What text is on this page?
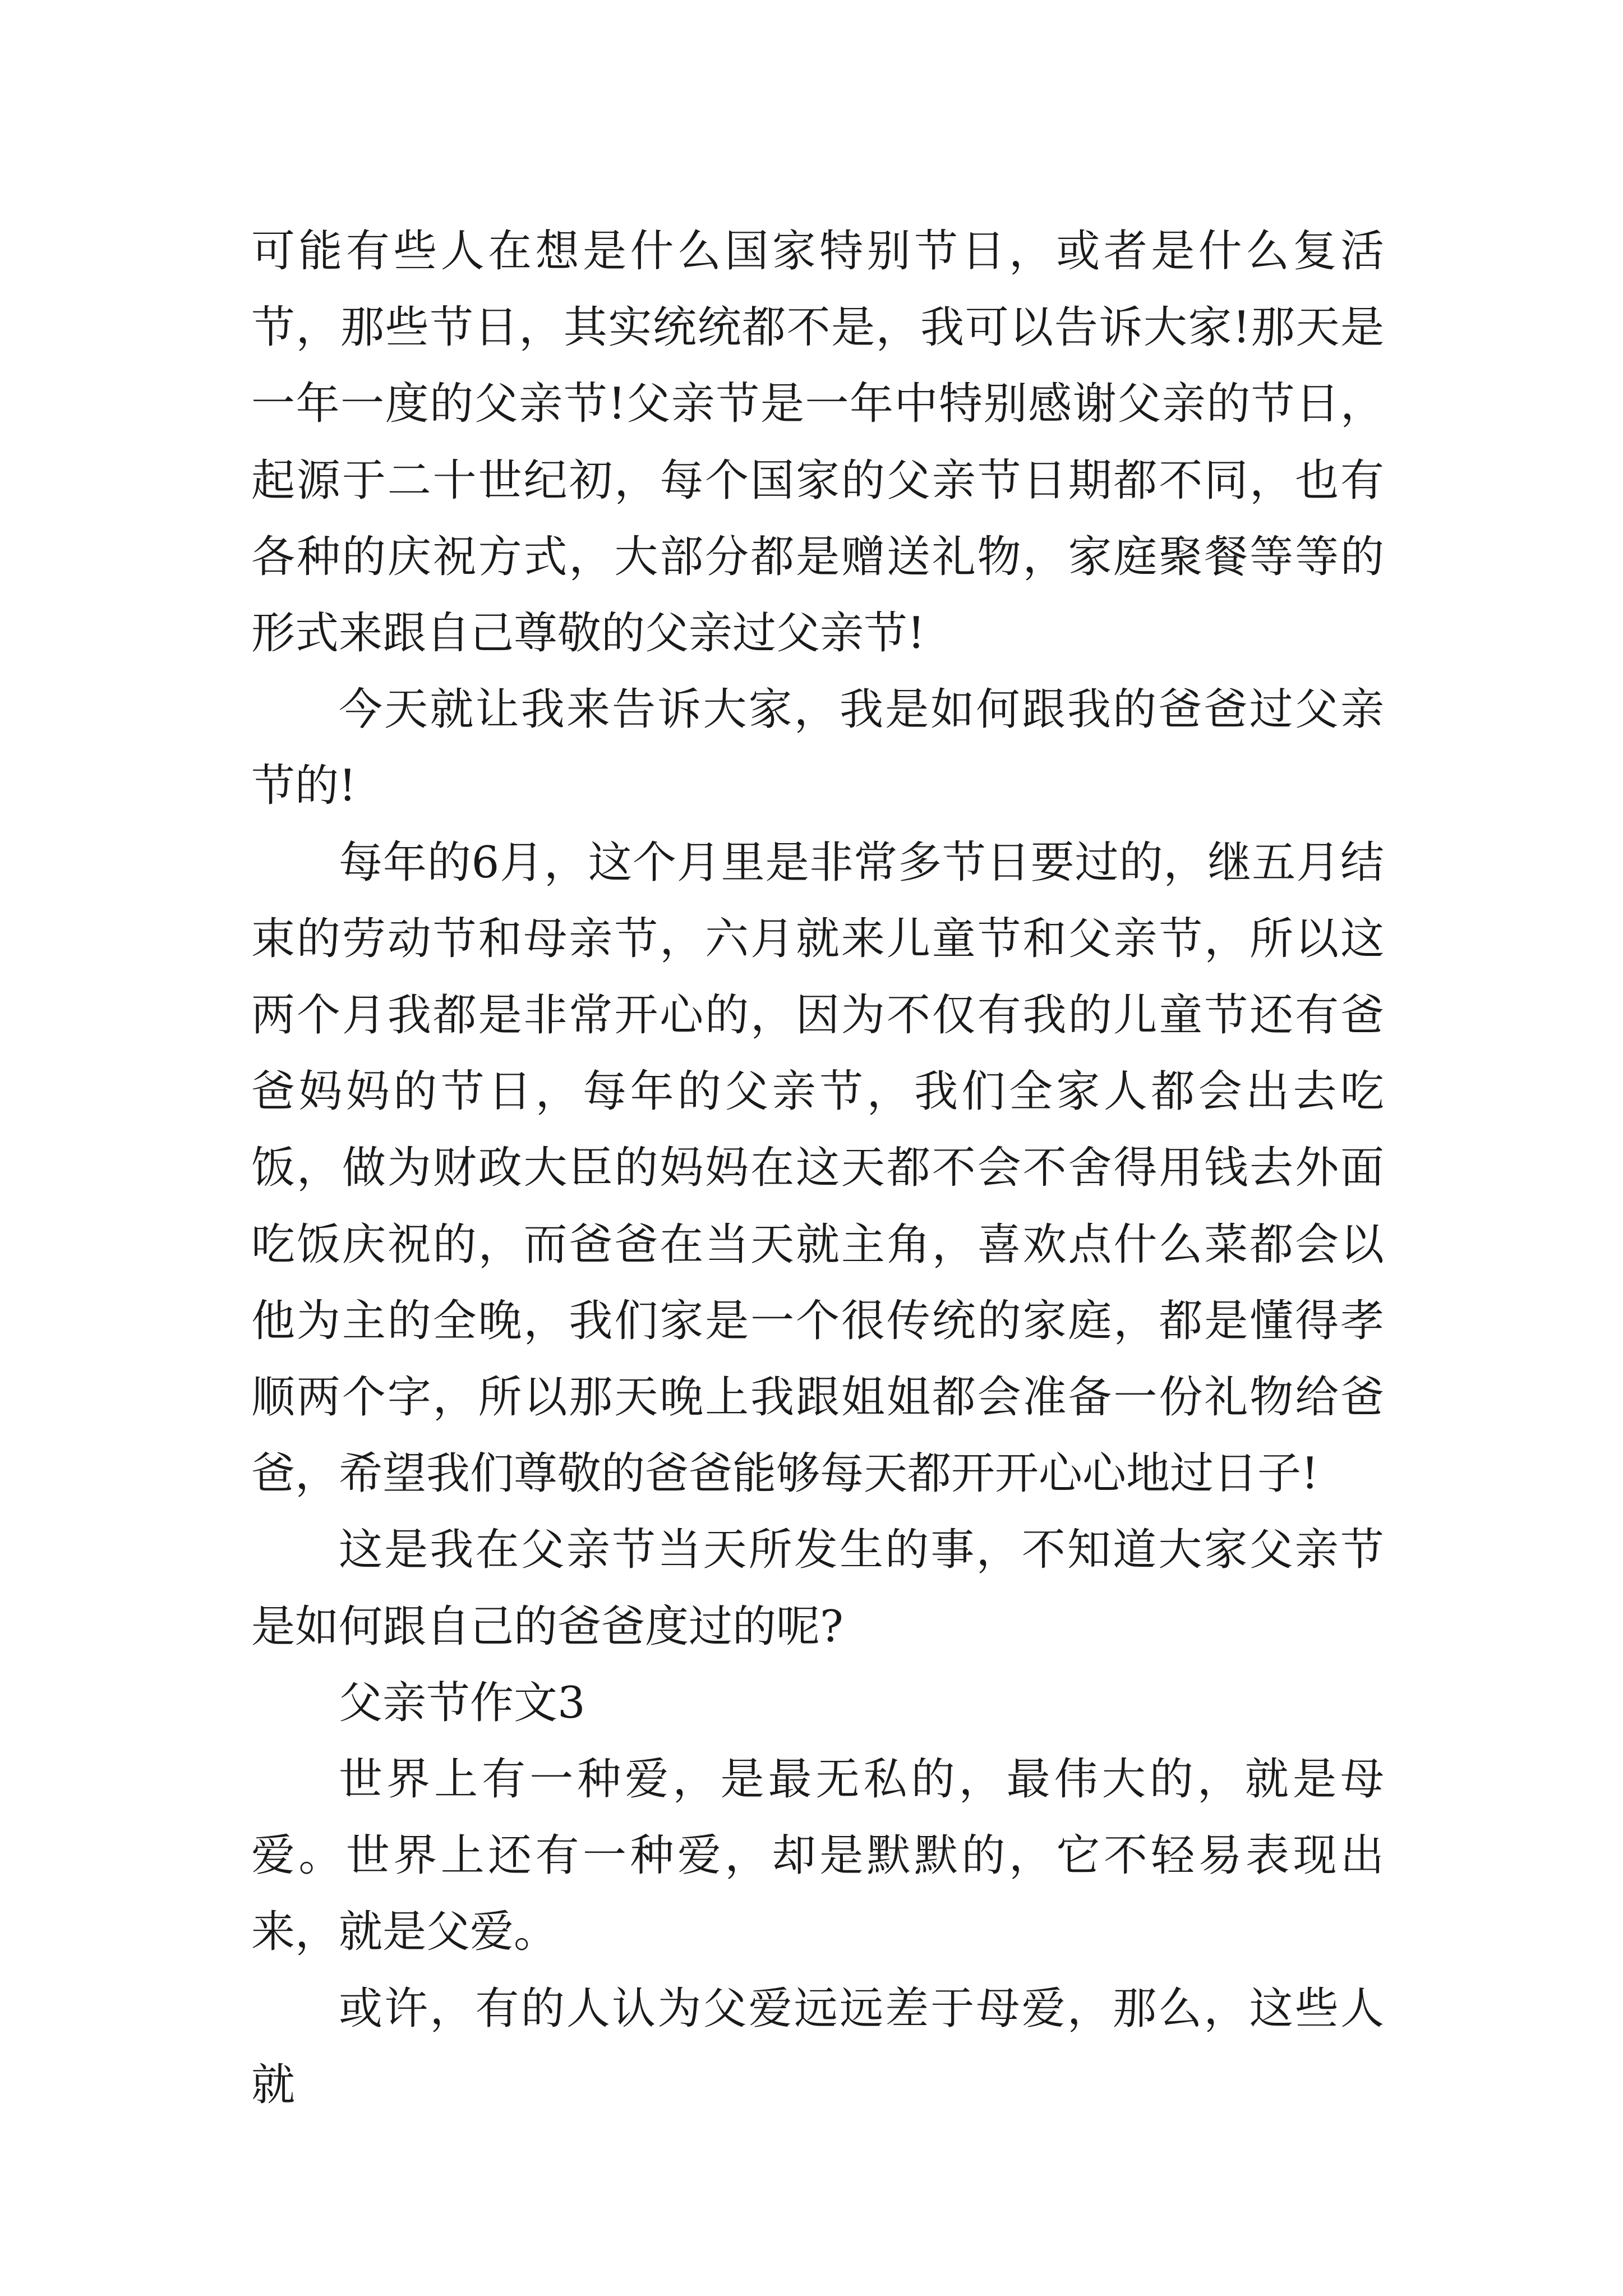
可能有些人在想是什么国家特别节日，或者是什么复活节，那些节日，其实统统都不是，我可以告诉大家!那天是一年一度的父亲节!父亲节是一年中特别感谢父亲的节日，起源于二十世纪初，每个国家的父亲节日期都不同，也有各种的庆祝方式，大部分都是赠送礼物，家庭聚餐等等的形式来跟自己尊敬的父亲过父亲节!

今天就让我来告诉大家，我是如何跟我的爸爸过父亲节的!

每年的6月，这个月里是非常多节日要过的，继五月结束的劳动节和母亲节，六月就来儿童节和父亲节，所以这两个月我都是非常开心的，因为不仅有我的儿童节还有爸爸妈妈的节日，每年的父亲节，我们全家人都会出去吃饭，做为财政大臣的妈妈在这天都不会不舍得用钱去外面吃饭庆祝的，而爸爸在当天就主角，喜欢点什么菜都会以他为主的全晚，我们家是一个很传统的家庭，都是懂得孝顺两个字，所以那天晚上我跟姐姐都会准备一份礼物给爸爸，希望我们尊敬的爸爸能够每天都开开心心地过日子!

这是我在父亲节当天所发生的事，不知道大家父亲节是如何跟自己的爸爸度过的呢?

父亲节作文3

世界上有一种爱，是最无私的，最伟大的，就是母爱。世界上还有一种爱，却是默默的，它不轻易表现出来，就是父爱。

或许，有的人认为父爱远远差于母爱，那么，这些人就
